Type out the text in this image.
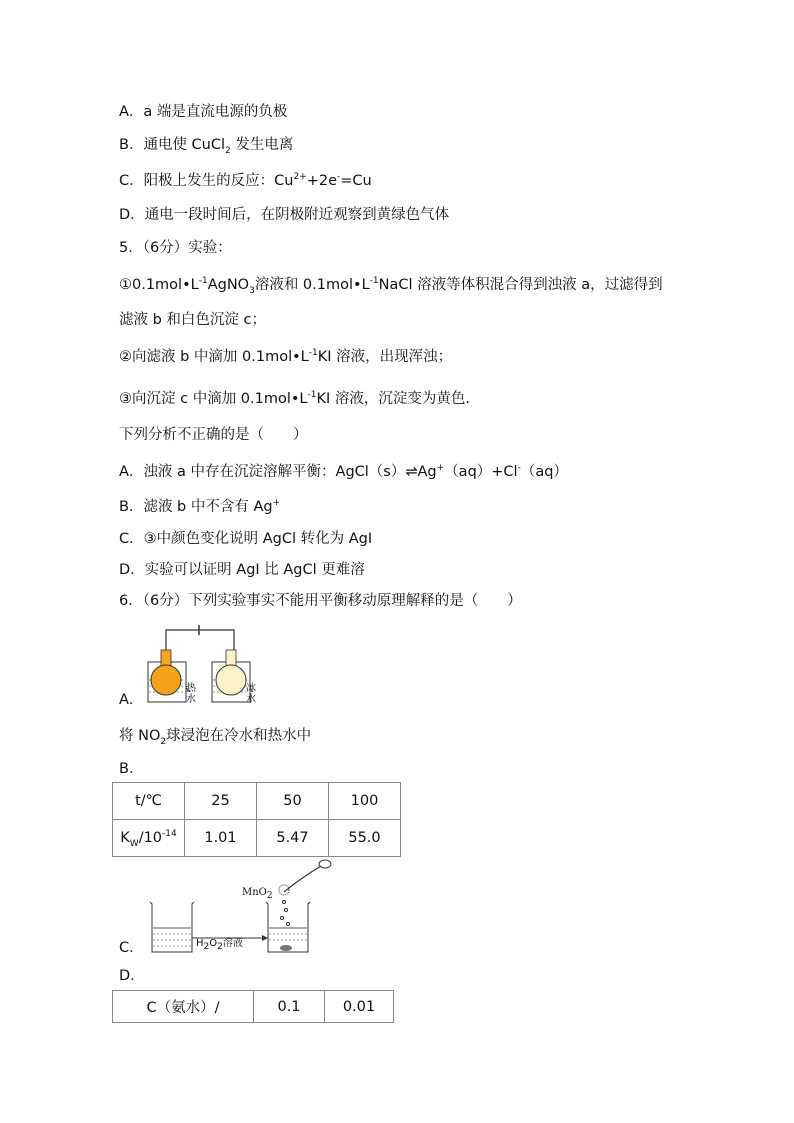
A．a 端是直流电源的负极
B．通电使 CuCl$_2$ 发生电离
C．阳极上发生的反应：$Cu^{2+}+2e^-=Cu$
D．通电一段时间后，在阴极附近观察到黄绿色气体
5．（6分）实验：
$①0.1mol•L^{-1}AgNO_3$溶液和 $0.1mol•L^{-1}NaCl$ 溶液等体积混合得到浊液 a，过滤得到
滤液 b 和白色沉淀 c；
②向滤液 b 中滴加 $0.1mol•L^{-1}KI$ 溶液，出现浑浊；
③向沉淀 c 中滴加 $0.1mol•L^{-1}KI$ 溶液，沉淀变为黄色.
下列分析不正确的是（　　）
A．浊液 a 中存在沉淀溶解平衡：AgCl（s）⇌Ag+（aq）+Cl-（aq）
B．滤液 b 中不含有 Ag+
C．③中颜色变化说明 AgCl 转化为 AgI
D．实验可以证明 AgI 比 AgCl 更难溶
6．（6分）下列实验事实不能用平衡移动原理解释的是（　　）
热水
冰水
A．
将 $NO_2$球浸泡在冷水和热水中
B．
t/℃	25	50	100
$K_W/10^{-14}$	1.01	5.47	55.0
MnO$_2$
$H_2O_2$溶液
C．
D．
C（氨水）/	0.1	0.01
